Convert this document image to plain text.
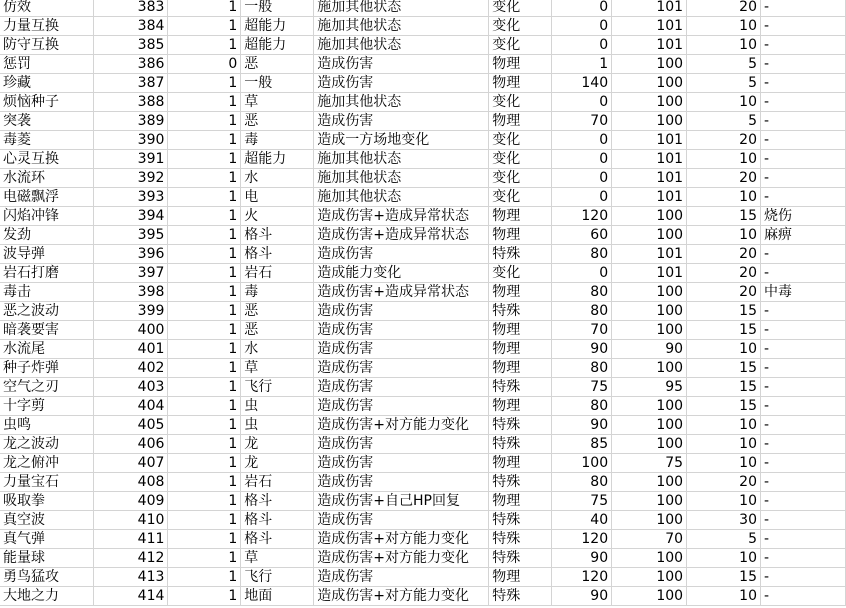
仿效	383	1	一般	施加其他状态	变化	0	101	20	-
力量互换	384	1	超能力	施加其他状态	变化	0	101	10	-
防守互换	385	1	超能力	施加其他状态	变化	0	101	10	-
惩罚	386	0	恶	造成伤害	物理	1	100	5	-
珍藏	387	1	一般	造成伤害	物理	140	100	5	-
烦恼种子	388	1	草	施加其他状态	变化	0	100	10	-
突袭	389	1	恶	造成伤害	物理	70	100	5	-
毒菱	390	1	毒	造成一方场地变化	变化	0	101	20	-
心灵互换	391	1	超能力	施加其他状态	变化	0	101	10	-
水流环	392	1	水	施加其他状态	变化	0	101	20	-
电磁飘浮	393	1	电	施加其他状态	变化	0	101	10	-
闪焰冲锋	394	1	火	造成伤害+造成异常状态	物理	120	100	15	烧伤
发劲	395	1	格斗	造成伤害+造成异常状态	物理	60	100	10	麻痹
波导弹	396	1	格斗	造成伤害	特殊	80	101	20	-
岩石打磨	397	1	岩石	造成能力变化	变化	0	101	20	-
毒击	398	1	毒	造成伤害+造成异常状态	物理	80	100	20	中毒
恶之波动	399	1	恶	造成伤害	特殊	80	100	15	-
暗袭要害	400	1	恶	造成伤害	物理	70	100	15	-
水流尾	401	1	水	造成伤害	物理	90	90	10	-
种子炸弹	402	1	草	造成伤害	物理	80	100	15	-
空气之刃	403	1	飞行	造成伤害	特殊	75	95	15	-
十字剪	404	1	虫	造成伤害	物理	80	100	15	-
虫鸣	405	1	虫	造成伤害+对方能力变化	特殊	90	100	10	-
龙之波动	406	1	龙	造成伤害	特殊	85	100	10	-
龙之俯冲	407	1	龙	造成伤害	物理	100	75	10	-
力量宝石	408	1	岩石	造成伤害	特殊	80	100	20	-
吸取拳	409	1	格斗	造成伤害+自己HP回复	物理	75	100	10	-
真空波	410	1	格斗	造成伤害	特殊	40	100	30	-
真气弹	411	1	格斗	造成伤害+对方能力变化	特殊	120	70	5	-
能量球	412	1	草	造成伤害+对方能力变化	特殊	90	100	10	-
勇鸟猛攻	413	1	飞行	造成伤害	物理	120	100	15	-
大地之力	414	1	地面	造成伤害+对方能力变化	特殊	90	100	10	-
